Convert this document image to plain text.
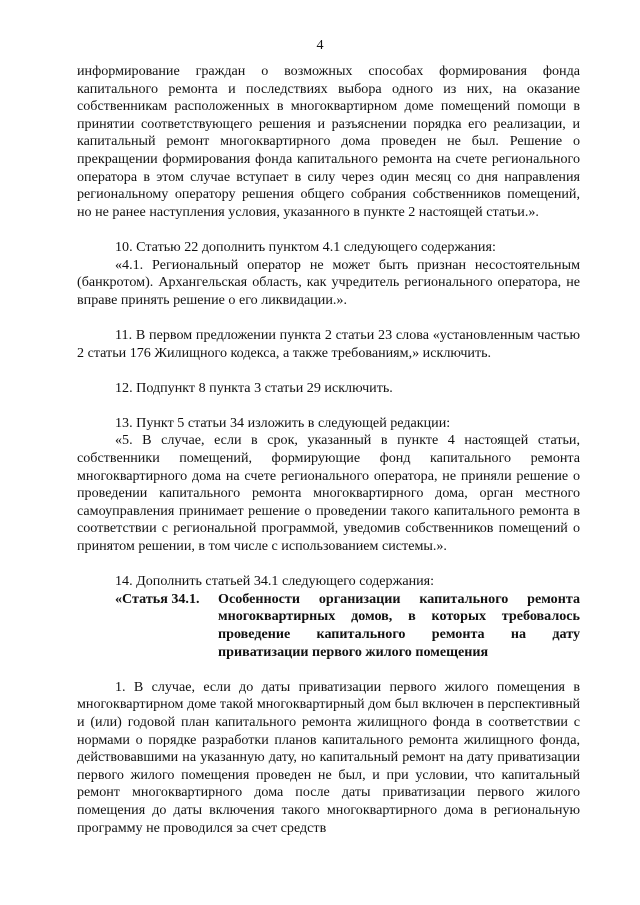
4

информирование граждан о возможных способах формирования фонда капитального ремонта и последствиях выбора одного из них, на оказание собственникам расположенных в многоквартирном доме помещений помощи в принятии соответствующего решения и разъяснении порядка его реализации, и капитальный ремонт многоквартирного дома проведен не был. Решение о прекращении формирования фонда капитального ремонта на счете регионального оператора в этом случае вступает в силу через один месяц со дня направления региональному оператору решения общего собрания собственников помещений, но не ранее наступления условия, указанного в пункте 2 настоящей статьи.».

10. Статью 22 дополнить пунктом 4.1 следующего содержания:

«4.1. Региональный оператор не может быть признан несостоятельным (банкротом). Архангельская область, как учредитель регионального оператора, не вправе принять решение о его ликвидации.».

11. В первом предложении пункта 2 статьи 23 слова «установленным частью 2 статьи 176 Жилищного кодекса, а также требованиям,» исключить.

12. Подпункт 8 пункта 3 статьи 29 исключить.

13. Пункт 5 статьи 34 изложить в следующей редакции:

«5. В случае, если в срок, указанный в пункте 4 настоящей статьи, собственники помещений, формирующие фонд капитального ремонта многоквартирного дома на счете регионального оператора, не приняли решение о проведении капитального ремонта многоквартирного дома, орган местного самоуправления принимает решение о проведении такого капитального ремонта в соответствии с региональной программой, уведомив собственников помещений о принятом решении, в том числе с использованием системы.».

14. Дополнить статьей 34.1 следующего содержания:

«Статья 34.1.	Особенности организации капитального ремонта многоквартирных домов, в которых требовалось проведение капитального ремонта на дату приватизации первого жилого помещения

1. В случае, если до даты приватизации первого жилого помещения в многоквартирном доме такой многоквартирный дом был включен в перспективный и (или) годовой план капитального ремонта жилищного фонда в соответствии с нормами о порядке разработки планов капитального ремонта жилищного фонда, действовавшими на указанную дату, но капитальный ремонт на дату приватизации первого жилого помещения проведен не был, и при условии, что капитальный ремонт многоквартирного дома после даты приватизации первого жилого помещения до даты включения такого многоквартирного дома в региональную программу не проводился за счет средств
